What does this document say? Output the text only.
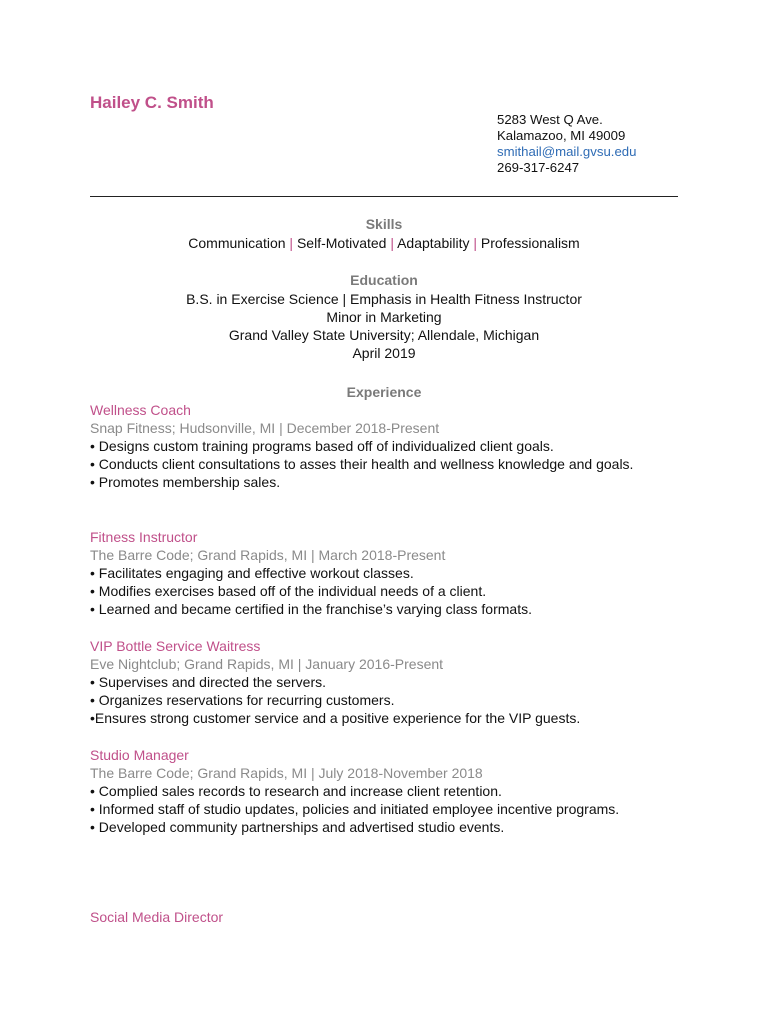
Hailey C. Smith
5283 West Q Ave.
Kalamazoo, MI 49009
smithail@mail.gvsu.edu
269-317-6247
Skills
Communication | Self-Motivated | Adaptability | Professionalism
Education
B.S. in Exercise Science | Emphasis in Health Fitness Instructor
Minor in Marketing
Grand Valley State University; Allendale, Michigan
April 2019
Experience
Wellness Coach
Snap Fitness; Hudsonville, MI | December 2018-Present
• Designs custom training programs based off of individualized client goals.
• Conducts client consultations to asses their health and wellness knowledge and goals.
• Promotes membership sales.
Fitness Instructor
The Barre Code; Grand Rapids, MI | March 2018-Present
• Facilitates engaging and effective workout classes.
• Modifies exercises based off of the individual needs of a client.
• Learned and became certified in the franchise’s varying class formats.
VIP Bottle Service Waitress
Eve Nightclub; Grand Rapids, MI | January 2016-Present
• Supervises and directed the servers.
• Organizes reservations for recurring customers.
•Ensures strong customer service and a positive experience for the VIP guests.
Studio Manager
The Barre Code; Grand Rapids, MI | July 2018-November 2018
• Complied sales records to research and increase client retention.
• Informed staff of studio updates, policies and initiated employee incentive programs.
• Developed community partnerships and advertised studio events.
Social Media Director
